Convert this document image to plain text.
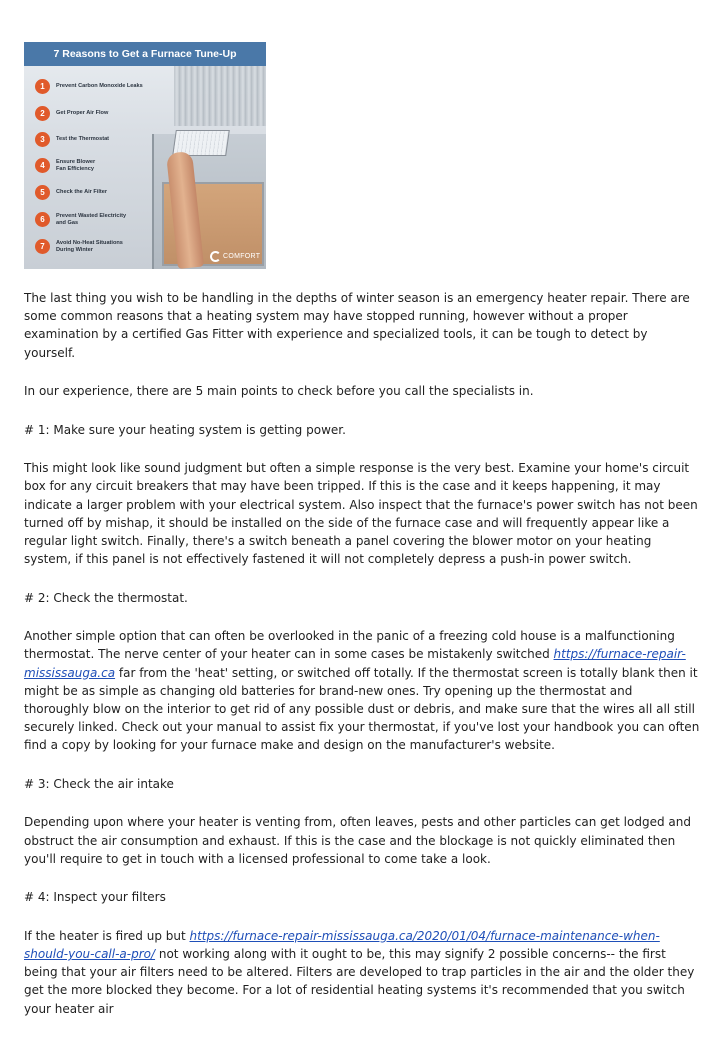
7 Reasons to Get a Furnace Tune-Up
1	Prevent Carbon Monoxide Leaks
2	Get Proper Air Flow
3	Test the Thermostat
4	Ensure Blower
Fan Efficiency
5	Check the Air Filter
6	Prevent Wasted Electricity
and Gas
7	Avoid No-Heat Situations
During Winter
COMFORT

The last thing you wish to be handling in the depths of winter season is an emergency heater repair. There are some common reasons that a heating system may have stopped running, however without a proper examination by a certified Gas Fitter with experience and specialized tools, it can be tough to detect by yourself.

In our experience, there are 5 main points to check before you call the specialists in.

# 1: Make sure your heating system is getting power.

This might look like sound judgment but often a simple response is the very best. Examine your home's circuit box for any circuit breakers that may have been tripped. If this is the case and it keeps happening, it may indicate a larger problem with your electrical system. Also inspect that the furnace's power switch has not been turned off by mishap, it should be installed on the side of the furnace case and will frequently appear like a regular light switch. Finally, there's a switch beneath a panel covering the blower motor on your heating system, if this panel is not effectively fastened it will not completely depress a push-in power switch.

# 2: Check the thermostat.

Another simple option that can often be overlooked in the panic of a freezing cold house is a malfunctioning thermostat. The nerve center of your heater can in some cases be mistakenly switched https://furnace-repair-mississauga.ca far from the 'heat' setting, or switched off totally. If the thermostat screen is totally blank then it might be as simple as changing old batteries for brand-new ones. Try opening up the thermostat and thoroughly blow on the interior to get rid of any possible dust or debris, and make sure that the wires all all still securely linked. Check out your manual to assist fix your thermostat, if you've lost your handbook you can often find a copy by looking for your furnace make and design on the manufacturer's website.

# 3: Check the air intake

Depending upon where your heater is venting from, often leaves, pests and other particles can get lodged and obstruct the air consumption and exhaust. If this is the case and the blockage is not quickly eliminated then you'll require to get in touch with a licensed professional to come take a look.

# 4: Inspect your filters

If the heater is fired up but https://furnace-repair-mississauga.ca/2020/01/04/furnace-maintenance-when-should-you-call-a-pro/ not working along with it ought to be, this may signify 2 possible concerns-- the first being that your air filters need to be altered. Filters are developed to trap particles in the air and the older they get the more blocked they become. For a lot of residential heating systems it's recommended that you switch your heater air
